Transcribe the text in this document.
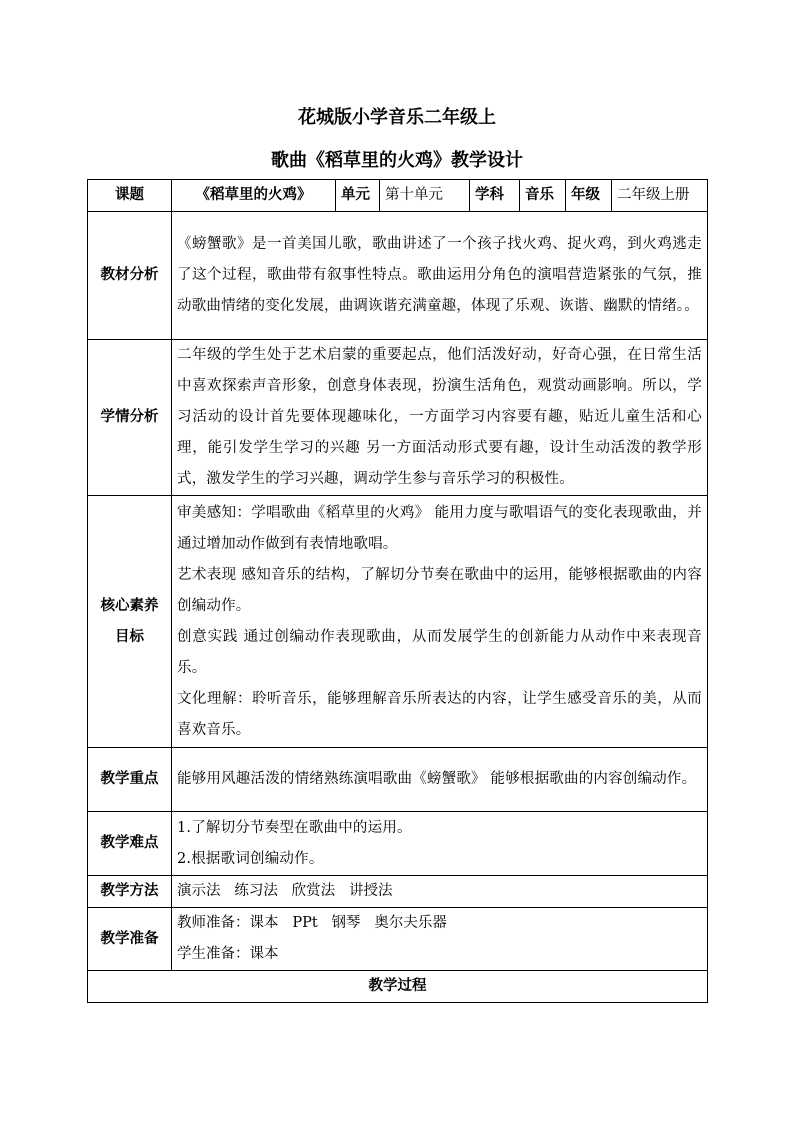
花城版小学音乐二年级上
歌曲《稻草里的火鸡》教学设计
课题	《稻草里的火鸡》	单元	第十单元	学科	音乐	年级	二年级上册
教材分析	《螃蟹歌》是一首美国儿歌，歌曲讲述了一个孩子找火鸡、捉火鸡，到火鸡逃走了这个过程，歌曲带有叙事性特点。歌曲运用分角色的演唱营造紧张的气氛，推动歌曲情绪的变化发展，曲调诙谐充满童趣，体现了乐观、诙谐、幽默的情绪。。						
学情分析	二年级的学生处于艺术启蒙的重要起点，他们活泼好动，好奇心强，在日常生活中喜欢探索声音形象，创意身体表现，扮演生活角色，观赏动画影响。所以，学习活动的设计首先要体现趣味化，一方面学习内容要有趣，贴近儿童生活和心理，能引发学生学习的兴趣 另一方面活动形式要有趣，设计生动活泼的教学形式，激发学生的学习兴趣，调动学生参与音乐学习的积极性。						

核心素养
目标	审美感知：学唱歌曲《稻草里的火鸡》 能用力度与歌唱语气的变化表现歌曲，并通过增加动作做到有表情地歌唱。
艺术表现 感知音乐的结构，了解切分节奏在歌曲中的运用，能够根据歌曲的内容创编动作。
创意实践 通过创编动作表现歌曲，从而发展学生的创新能力从动作中来表现音乐。
文化理解：聆听音乐，能够理解音乐所表达的内容，让学生感受音乐的美，从而喜欢音乐。						

教学重点	能够用风趣活泼的情绪熟练演唱歌曲《螃蟹歌》 能够根据歌曲的内容创编动作。						
教学难点	1.了解切分节奏型在歌曲中的运用。
2.根据歌词创编动作。						

教学方法	演示法   练习法   欣赏法   讲授法						
教学准备	教师准备：课本   PPt   钢琴   奥尔夫乐器
学生准备：课本						

教学过程							
